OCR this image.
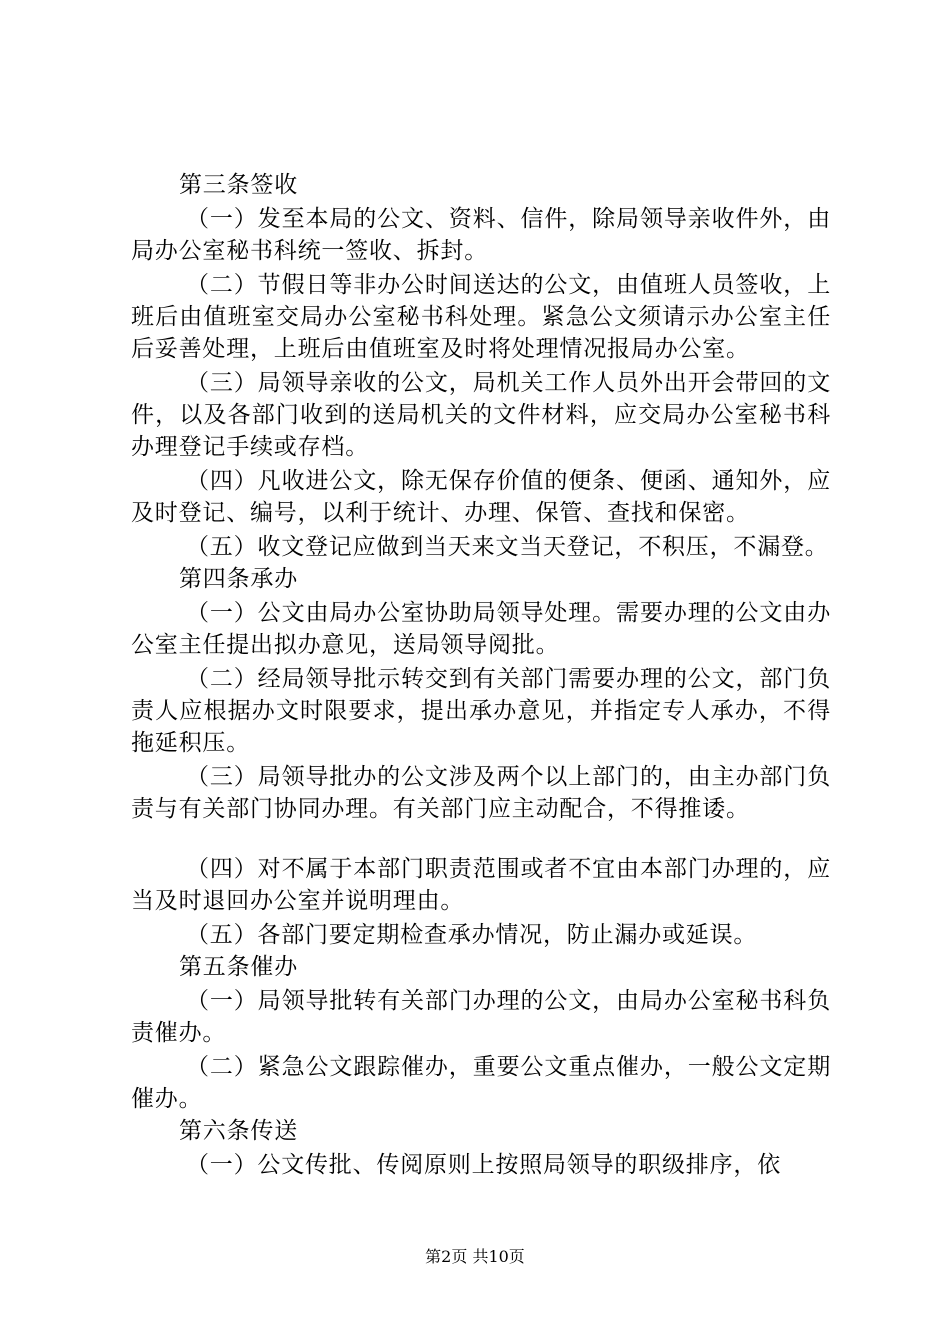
第三条签收

（一）发至本局的公文、资料、信件，除局领导亲收件外，由局办公室秘书科统一签收、拆封。

（二）节假日等非办公时间送达的公文，由值班人员签收，上班后由值班室交局办公室秘书科处理。紧急公文须请示办公室主任后妥善处理，上班后由值班室及时将处理情况报局办公室。

（三）局领导亲收的公文，局机关工作人员外出开会带回的文件，以及各部门收到的送局机关的文件材料，应交局办公室秘书科办理登记手续或存档。

（四）凡收进公文，除无保存价值的便条、便函、通知外，应及时登记、编号，以利于统计、办理、保管、查找和保密。

（五）收文登记应做到当天来文当天登记，不积压，不漏登。

第四条承办

（一）公文由局办公室协助局领导处理。需要办理的公文由办公室主任提出拟办意见，送局领导阅批。

（二）经局领导批示转交到有关部门需要办理的公文，部门负责人应根据办文时限要求，提出承办意见，并指定专人承办，不得拖延积压。

（三）局领导批办的公文涉及两个以上部门的，由主办部门负责与有关部门协同办理。有关部门应主动配合，不得推诿。

（四）对不属于本部门职责范围或者不宜由本部门办理的，应当及时退回办公室并说明理由。

（五）各部门要定期检查承办情况，防止漏办或延误。

第五条催办

（一）局领导批转有关部门办理的公文，由局办公室秘书科负责催办。

（二）紧急公文跟踪催办，重要公文重点催办，一般公文定期催办。

第六条传送

（一）公文传批、传阅原则上按照局领导的职级排序，依

第2页 共10页
